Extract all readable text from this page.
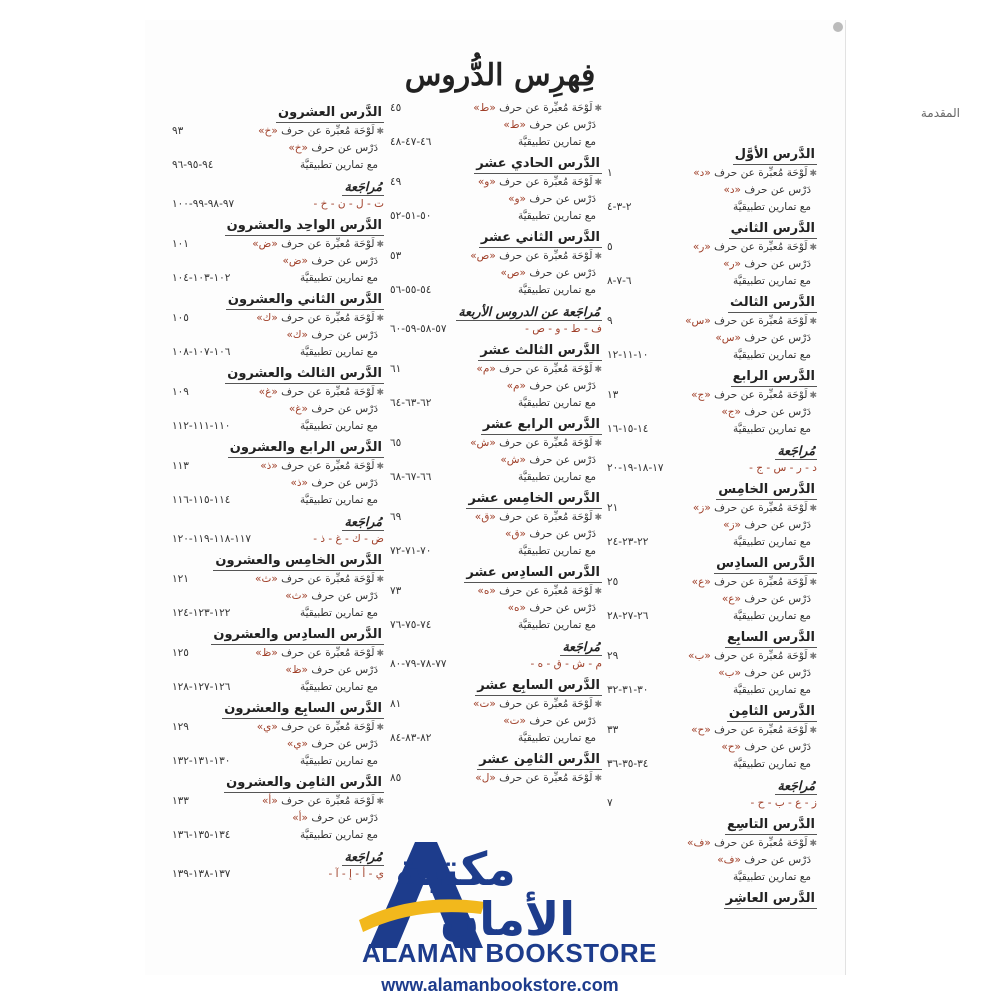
فِهرِس الدُّروس
المقدمة
الدَّرس الأوَّل
✱لَوْحَة مُعبِّرة عن حرف «د»
١
دَرْس عن حرف «د»
مع تمارين تطبيقيَّة
٢-٣-٤
الدَّرس الثاني
✱لَوْحَة مُعبِّرة عن حرف «ر»
٥
دَرْس عن حرف «ر»
مع تمارين تطبيقيَّة
٦-٧-٨
الدَّرس الثالث
✱لَوْحَة مُعبِّرة عن حرف «س»
٩
دَرْس عن حرف «س»
مع تمارين تطبيقيَّة
١٠-١١-١٢
الدَّرس الرابع
✱لَوْحَة مُعبِّرة عن حرف «ج»
١٣
دَرْس عن حرف «ج»
مع تمارين تطبيقيَّة
١٤-١٥-١٦
مُراجَعة
د - ر - س - ج -
١٧-١٨-١٩-٢٠
الدَّرس الخامِس
✱لَوْحَة مُعبِّرة عن حرف «ز»
٢١
دَرْس عن حرف «ز»
مع تمارين تطبيقيَّة
٢٢-٢٣-٢٤
الدَّرس السادِس
✱لَوْحَة مُعبِّرة عن حرف «ع»
٢٥
دَرْس عن حرف «ع»
مع تمارين تطبيقيَّة
٢٦-٢٧-٢٨
الدَّرس السابِع
✱لَوْحَة مُعبِّرة عن حرف «ب»
٢٩
دَرْس عن حرف «ب»
مع تمارين تطبيقيَّة
٣٠-٣١-٣٢
الدَّرس الثامِن
✱لَوْحَة مُعبِّرة عن حرف «ح»
٣٣
دَرْس عن حرف «ح»
مع تمارين تطبيقيَّة
٣٤-٣٥-٣٦
مُراجَعة
ز - ع - ب - ح -
٧
الدَّرس التاسِع
✱لَوْحَة مُعبِّرة عن حرف «ف»
دَرْس عن حرف «ف»
مع تمارين تطبيقيَّة
الدَّرس العاشِر
✱لَوْحَة مُعبِّرة عن حرف «ط»
٤٥
دَرْس عن حرف «ط»
مع تمارين تطبيقيَّة
٤٦-٤٧-٤٨
الدَّرس الحادي عشر
✱لَوْحَة مُعبِّرة عن حرف «و»
٤٩
دَرْس عن حرف «و»
مع تمارين تطبيقيَّة
٥٠-٥١-٥٢
الدَّرس الثاني عشر
✱لَوْحَة مُعبِّرة عن حرف «ص»
٥٣
دَرْس عن حرف «ص»
مع تمارين تطبيقيَّة
٥٤-٥٥-٥٦
مُراجَعة عن الدروس الأربعة
ف - ط - و - ص -
٥٧-٥٨-٥٩-٦٠
الدَّرس الثالث عشر
✱لَوْحَة مُعبِّرة عن حرف «م»
٦١
دَرْس عن حرف «م»
مع تمارين تطبيقيَّة
٦٢-٦٣-٦٤
الدَّرس الرابع عشر
✱لَوْحَة مُعبِّرة عن حرف «ش»
٦٥
دَرْس عن حرف «ش»
مع تمارين تطبيقيَّة
٦٦-٦٧-٦٨
الدَّرس الخامِس عشر
✱لَوْحَة مُعبِّرة عن حرف «ق»
٦٩
دَرْس عن حرف «ق»
مع تمارين تطبيقيَّة
٧٠-٧١-٧٢
الدَّرس السادِس عشر
✱لَوْحَة مُعبِّرة عن حرف «ه»
٧٣
دَرْس عن حرف «ه»
مع تمارين تطبيقيَّة
٧٤-٧٥-٧٦
مُراجَعة
م - ش - ق - ه -
٧٧-٧٨-٧٩-٨٠
الدَّرس السابِع عشر
✱لَوْحَة مُعبِّرة عن حرف «ت»
٨١
دَرْس عن حرف «ت»
مع تمارين تطبيقيَّة
٨٢-٨٣-٨٤
الدَّرس الثامِن عشر
✱لَوْحَة مُعبِّرة عن حرف «ل»
٨٥
الدَّرس العشرون
✱لَوْحَة مُعبِّرة عن حرف «خ»
٩٣
دَرْس عن حرف «خ»
مع تمارين تطبيقيَّة
٩٤-٩٥-٩٦
مُراجَعة
ت - ل - ن - خ -
٩٧-٩٨-٩٩-١٠٠
الدَّرس الواحِد والعشرون
✱لَوْحَة مُعبِّرة عن حرف «ض»
١٠١
دَرْس عن حرف «ض»
مع تمارين تطبيقيَّة
١٠٢-١٠٣-١٠٤
الدَّرس الثاني والعشرون
✱لَوْحَة مُعبِّرة عن حرف «ك»
١٠٥
دَرْس عن حرف «ك»
مع تمارين تطبيقيَّة
١٠٦-١٠٧-١٠٨
الدَّرس الثالث والعشرون
✱لَوْحَة مُعبِّرة عن حرف «غ»
١٠٩
دَرْس عن حرف «غ»
مع تمارين تطبيقيَّة
١١٠-١١١-١١٢
الدَّرس الرابع والعشرون
✱لَوْحَة مُعبِّرة عن حرف «ذ»
١١٣
دَرْس عن حرف «ذ»
مع تمارين تطبيقيَّة
١١٤-١١٥-١١٦
مُراجَعة
ض - ك - غ - ذ -
١١٧-١١٨-١١٩-١٢٠
الدَّرس الخامِس والعشرون
✱لَوْحَة مُعبِّرة عن حرف «ث»
١٢١
دَرْس عن حرف «ث»
مع تمارين تطبيقيَّة
١٢٢-١٢٣-١٢٤
الدَّرس السادِس والعشرون
✱لَوْحَة مُعبِّرة عن حرف «ظ»
١٢٥
دَرْس عن حرف «ظ»
مع تمارين تطبيقيَّة
١٢٦-١٢٧-١٢٨
الدَّرس السابِع والعشرون
✱لَوْحَة مُعبِّرة عن حرف «ي»
١٢٩
دَرْس عن حرف «ي»
مع تمارين تطبيقيَّة
١٣٠-١٣١-١٣٢
الدَّرس الثامِن والعشرون
✱لَوْحَة مُعبِّرة عن حرف «أ»
١٣٣
دَرْس عن حرف «أ»
مع تمارين تطبيقيَّة
١٣٤-١٣٥-١٣٦
مُراجَعة
ي - أ - إ - آ -
١٣٧-١٣٨-١٣٩	مكتبة
الأمان
ALAMAN BOOKSTORE
www.alamanbookstore.com
